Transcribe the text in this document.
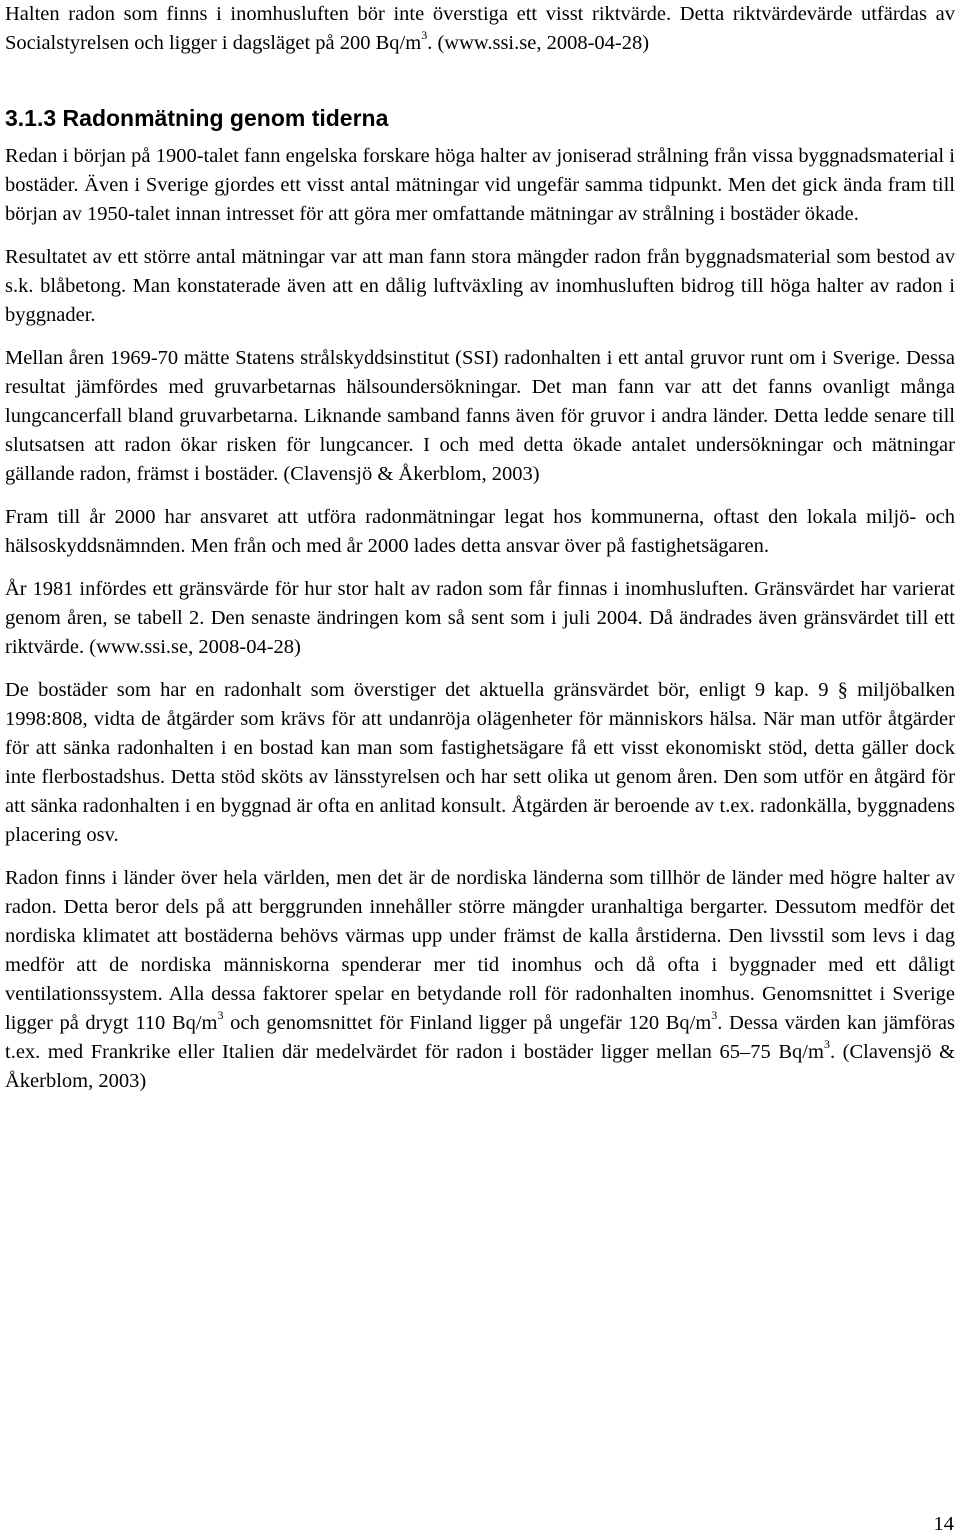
Halten radon som finns i inomhusluften bör inte överstiga ett visst riktvärde. Detta riktvärdevärde utfärdas av Socialstyrelsen och ligger i dagsläget på 200 $Bq/m^3$. (www.ssi.se, 2008-04-28)

3.1.3 Radonmätning genom tiderna

Redan i början på 1900-talet fann engelska forskare höga halter av joniserad strålning från vissa byggnadsmaterial i bostäder. Även i Sverige gjordes ett visst antal mätningar vid ungefär samma tidpunkt. Men det gick ända fram till början av 1950-talet innan intresset för att göra mer omfattande mätningar av strålning i bostäder ökade.

Resultatet av ett större antal mätningar var att man fann stora mängder radon från byggnadsmaterial som bestod av s.k. blåbetong. Man konstaterade även att en dålig luftväxling av inomhusluften bidrog till höga halter av radon i byggnader.

Mellan åren 1969-70 mätte Statens strålskyddsinstitut (SSI) radonhalten i ett antal gruvor runt om i Sverige. Dessa resultat jämfördes med gruvarbetarnas hälsoundersökningar. Det man fann var att det fanns ovanligt många lungcancerfall bland gruvarbetarna. Liknande samband fanns även för gruvor i andra länder. Detta ledde senare till slutsatsen att radon ökar risken för lungcancer. I och med detta ökade antalet undersökningar och mätningar gällande radon, främst i bostäder. (Clavensjö & Åkerblom, 2003)

Fram till år 2000 har ansvaret att utföra radonmätningar legat hos kommunerna, oftast den lokala miljö- och hälsoskyddsnämnden. Men från och med år 2000 lades detta ansvar över på fastighetsägaren.

År 1981 infördes ett gränsvärde för hur stor halt av radon som får finnas i inomhusluften. Gränsvärdet har varierat genom åren, se tabell 2. Den senaste ändringen kom så sent som i juli 2004. Då ändrades även gränsvärdet till ett riktvärde. (www.ssi.se, 2008-04-28)

De bostäder som har en radonhalt som överstiger det aktuella gränsvärdet bör, enligt 9 kap. 9 § miljöbalken 1998:808, vidta de åtgärder som krävs för att undanröja olägenheter för människors hälsa. När man utför åtgärder för att sänka radonhalten i en bostad kan man som fastighetsägare få ett visst ekonomiskt stöd, detta gäller dock inte flerbostadshus. Detta stöd sköts av länsstyrelsen och har sett olika ut genom åren. Den som utför en åtgärd för att sänka radonhalten i en byggnad är ofta en anlitad konsult. Åtgärden är beroende av t.ex. radonkälla, byggnadens placering osv.

Radon finns i länder över hela världen, men det är de nordiska länderna som tillhör de länder med högre halter av radon. Detta beror dels på att berggrunden innehåller större mängder uranhaltiga bergarter. Dessutom medför det nordiska klimatet att bostäderna behövs värmas upp under främst de kalla årstiderna. Den livsstil som levs i dag medför att de nordiska människorna spenderar mer tid inomhus och då ofta i byggnader med ett dåligt ventilationssystem. Alla dessa faktorer spelar en betydande roll för radonhalten inomhus. Genomsnittet i Sverige ligger på drygt 110 $Bq/m^3$ och genomsnittet för Finland ligger på ungefär 120 $Bq/m^3$. Dessa värden kan jämföras t.ex. med Frankrike eller Italien där medelvärdet för radon i bostäder ligger mellan 65–75 $Bq/m^3$. (Clavensjö & Åkerblom, 2003)

14
